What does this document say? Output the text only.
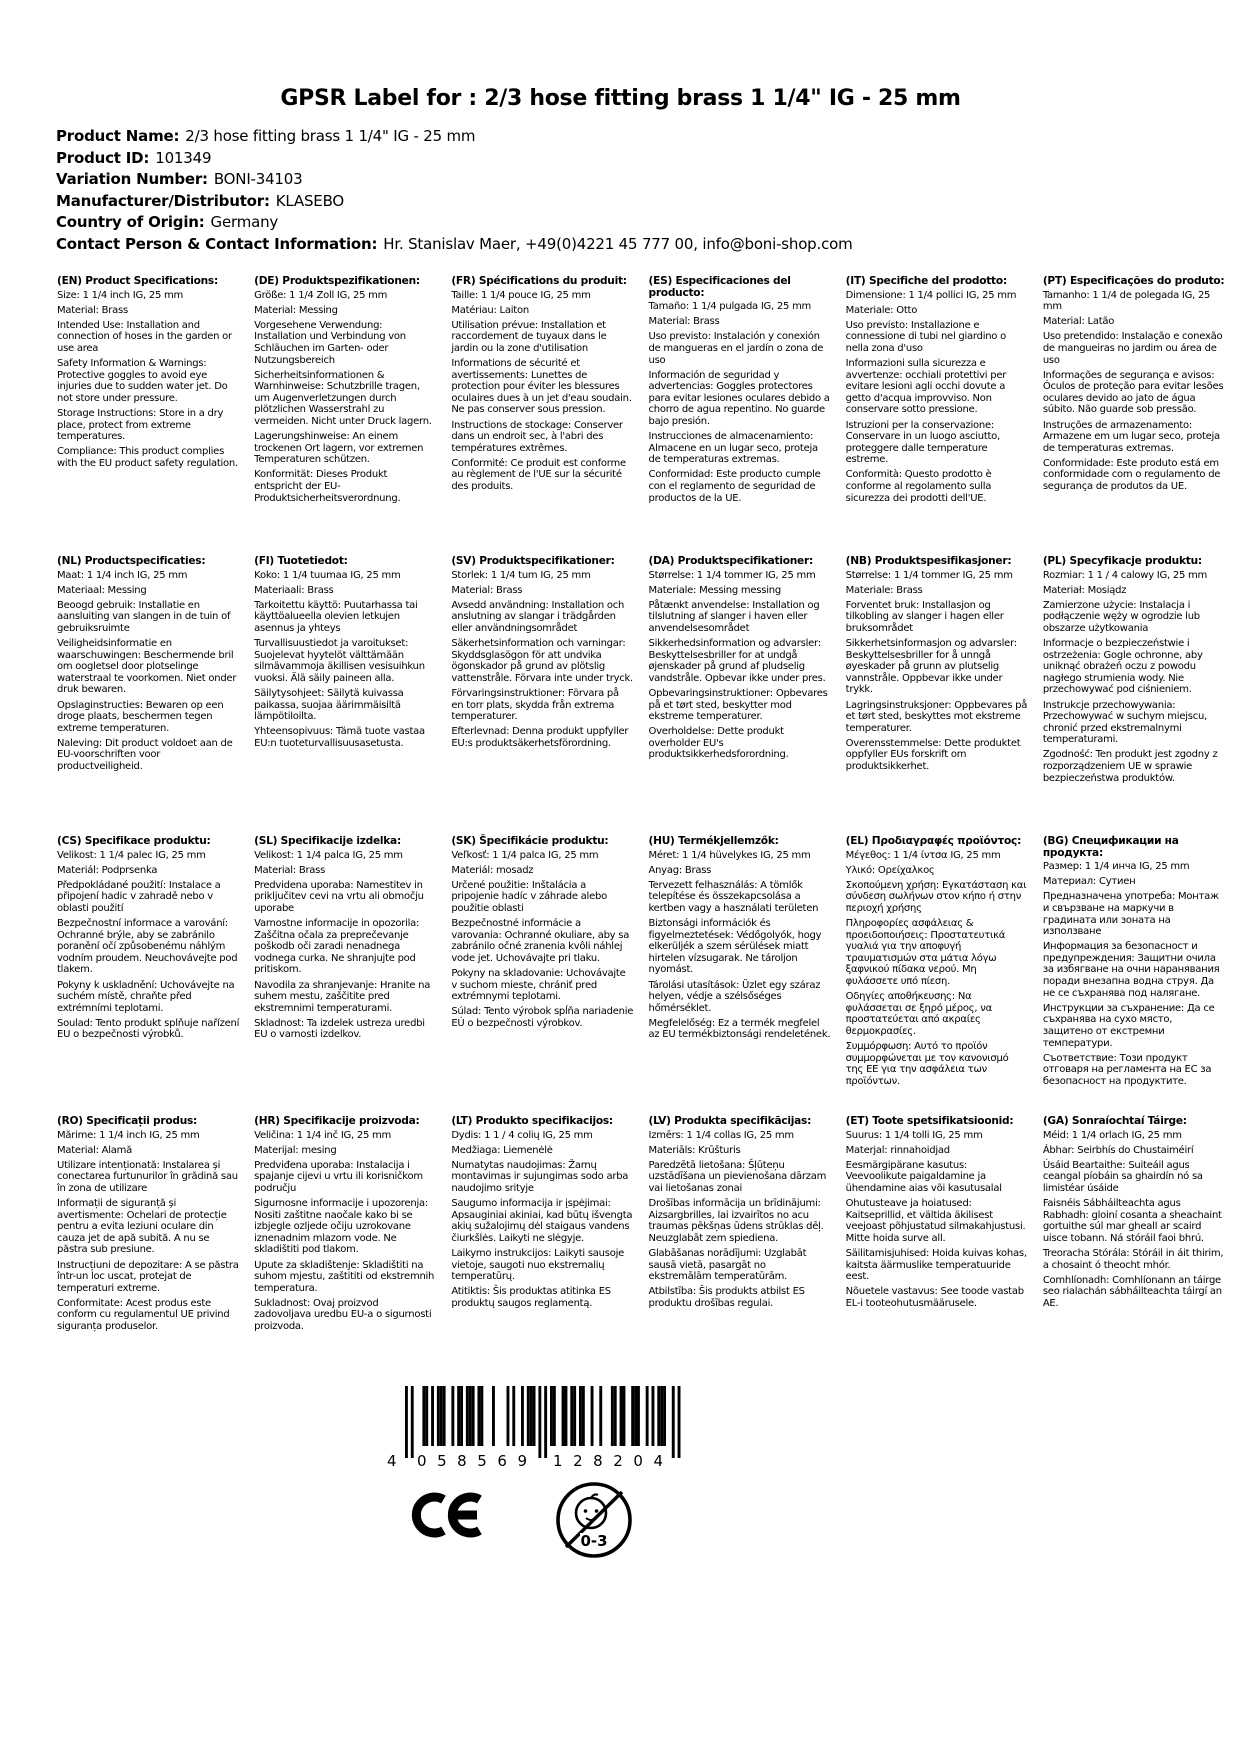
GPSR Label for : 2/3 hose fitting brass 1 1/4" IG - 25 mm
Product Name: 2/3 hose fitting brass 1 1/4" IG - 25 mm
Product ID: 101349
Variation Number: BONI-34103
Manufacturer/Distributor: KLASEBO
Country of Origin: Germany
Contact Person & Contact Information: Hr. Stanislav Maer, +49(0)4221 45 777 00, info@boni-shop.com
(EN) Product Specifications:

Size: 1 1/4 inch IG, 25 mm

Material: Brass

Intended Use: Installation and connection of hoses in the garden or use area

Safety Information & Warnings: Protective goggles to avoid eye injuries due to sudden water jet. Do not store under pressure.

Storage Instructions: Store in a dry place, protect from extreme temperatures.

Compliance: This product complies with the EU product safety regulation.

(DE) Produktspezifikationen:

Größe: 1 1/4 Zoll IG, 25 mm

Material: Messing

Vorgesehene Verwendung: Installation und Verbindung von Schläuchen im Garten- oder Nutzungsbereich

Sicherheitsinformationen & Warnhinweise: Schutzbrille tragen, um Augenverletzungen durch plötzlichen Wasserstrahl zu vermeiden. Nicht unter Druck lagern.

Lagerungshinweise: An einem trockenen Ort lagern, vor extremen Temperaturen schützen.

Konformität: Dieses Produkt entspricht der EU-Produktsicherheitsverordnung.

(FR) Spécifications du produit:

Taille: 1 1/4 pouce IG, 25 mm

Matériau: Laiton

Utilisation prévue: Installation et raccordement de tuyaux dans le jardin ou la zone d'utilisation

Informations de sécurité et avertissements: Lunettes de protection pour éviter les blessures oculaires dues à un jet d'eau soudain. Ne pas conserver sous pression.

Instructions de stockage: Conserver dans un endroit sec, à l'abri des températures extrêmes.

Conformité: Ce produit est conforme au règlement de l'UE sur la sécurité des produits.

(ES) Especificaciones del producto:

Tamaño: 1 1/4 pulgada IG, 25 mm

Material: Brass

Uso previsto: Instalación y conexión de mangueras en el jardín o zona de uso

Información de seguridad y advertencias: Goggles protectores para evitar lesiones oculares debido a chorro de agua repentino. No guarde bajo presión.

Instrucciones de almacenamiento: Almacene en un lugar seco, proteja de temperaturas extremas.

Conformidad: Este producto cumple con el reglamento de seguridad de productos de la UE.

(IT) Specifiche del prodotto:

Dimensione: 1 1/4 pollici IG, 25 mm

Materiale: Otto

Uso previsto: Installazione e connessione di tubi nel giardino o nella zona d'uso

Informazioni sulla sicurezza e avvertenze: occhiali protettivi per evitare lesioni agli occhi dovute a getto d'acqua improvviso. Non conservare sotto pressione.

Istruzioni per la conservazione: Conservare in un luogo asciutto, proteggere dalle temperature estreme.

Conformità: Questo prodotto è conforme al regolamento sulla sicurezza dei prodotti dell'UE.

(PT) Especificações do produto:

Tamanho: 1 1/4 de polegada IG, 25 mm

Material: Latão

Uso pretendido: Instalação e conexão de mangueiras no jardim ou área de uso

Informações de segurança e avisos: Óculos de proteção para evitar lesões oculares devido ao jato de água súbito. Não guarde sob pressão.

Instruções de armazenamento: Armazene em um lugar seco, proteja de temperaturas extremas.

Conformidade: Este produto está em conformidade com o regulamento de segurança de produtos da UE.

(NL) Productspecificaties:

Maat: 1 1/4 inch IG, 25 mm

Materiaal: Messing

Beoogd gebruik: Installatie en aansluiting van slangen in de tuin of gebruiksruimte

Veiligheidsinformatie en waarschuwingen: Beschermende bril om oogletsel door plotselinge waterstraal te voorkomen. Niet onder druk bewaren.

Opslaginstructies: Bewaren op een droge plaats, beschermen tegen extreme temperaturen.

Naleving: Dit product voldoet aan de EU-voorschriften voor productveiligheid.

(FI) Tuotetiedot:

Koko: 1 1/4 tuumaa IG, 25 mm

Materiaali: Brass

Tarkoitettu käyttö: Puutarhassa tai käyttöalueella olevien letkujen asennus ja yhteys

Turvallisuustiedot ja varoitukset: Suojelevat hyytelöt välttämään silmävammoja äkillisen vesisuihkun vuoksi. Älä säily paineen alla.

Säilytysohjeet: Säilytä kuivassa paikassa, suojaa äärimmäisiltä lämpötiloilta.

Yhteensopivuus: Tämä tuote vastaa EU:n tuoteturvallisuusasetusta.

(SV) Produktspecifikationer:

Storlek: 1 1/4 tum IG, 25 mm

Material: Brass

Avsedd användning: Installation och anslutning av slangar i trädgården eller användningsområdet

Säkerhetsinformation och varningar: Skyddsglasögon för att undvika ögonskador på grund av plötslig vattenstråle. Förvara inte under tryck.

Förvaringsinstruktioner: Förvara på en torr plats, skydda från extrema temperaturer.

Efterlevnad: Denna produkt uppfyller EU:s produktsäkerhetsförordning.

(DA) Produktspecifikationer:

Størrelse: 1 1/4 tommer IG, 25 mm

Materiale: Messing messing

Påtænkt anvendelse: Installation og tilslutning af slanger i haven eller anvendelsesområdet

Sikkerhedsinformation og advarsler: Beskyttelsesbriller for at undgå øjenskader på grund af pludselig vandstråle. Opbevar ikke under pres.

Opbevaringsinstruktioner: Opbevares på et tørt sted, beskytter mod ekstreme temperaturer.

Overholdelse: Dette produkt overholder EU's produktsikkerhedsforordning.

(NB) Produktspesifikasjoner:

Størrelse: 1 1/4 tommer IG, 25 mm

Materiale: Brass

Forventet bruk: Installasjon og tilkobling av slanger i hagen eller bruksområdet

Sikkerhetsinformasjon og advarsler: Beskyttelsesbriller for å unngå øyeskader på grunn av plutselig vannstråle. Oppbevar ikke under trykk.

Lagringsinstruksjoner: Oppbevares på et tørt sted, beskyttes mot ekstreme temperaturer.

Overensstemmelse: Dette produktet oppfyller EUs forskrift om produktsikkerhet.

(PL) Specyfikacje produktu:

Rozmiar: 1 1 / 4 calowy IG, 25 mm

Materiał: Mosiądz

Zamierzone użycie: Instalacja i podłączenie węży w ogrodzie lub obszarze użytkowania

Informacje o bezpieczeństwie i ostrzeżenia: Gogle ochronne, aby uniknąć obrażeń oczu z powodu nagłego strumienia wody. Nie przechowywać pod ciśnieniem.

Instrukcje przechowywania: Przechowywać w suchym miejscu, chronić przed ekstremalnymi temperaturami.

Zgodność: Ten produkt jest zgodny z rozporządzeniem UE w sprawie bezpieczeństwa produktów.

(CS) Specifikace produktu:

Velikost: 1 1/4 palec IG, 25 mm

Materiál: Podprsenka

Předpokládané použití: Instalace a připojení hadic v zahradě nebo v oblasti použití

Bezpečnostní informace a varování: Ochranné brýle, aby se zabránilo poranění očí způsobenému náhlým vodním proudem. Neuchovávejte pod tlakem.

Pokyny k uskladnění: Uchovávejte na suchém místě, chraňte před extrémními teplotami.

Soulad: Tento produkt splňuje nařízení EU o bezpečnosti výrobků.

(SL) Specifikacije izdelka:

Velikost: 1 1/4 palca IG, 25 mm

Material: Brass

Predvidena uporaba: Namestitev in priključitev cevi na vrtu ali območju uporabe

Varnostne informacije in opozorila: Zaščitna očala za preprečevanje poškodb oči zaradi nenadnega vodnega curka. Ne shranjujte pod pritiskom.

Navodila za shranjevanje: Hranite na suhem mestu, zaščitite pred ekstremnimi temperaturami.

Skladnost: Ta izdelek ustreza uredbi EU o varnosti izdelkov.

(SK) Špecifikácie produktu:

Veľkosť: 1 1/4 palca IG, 25 mm

Materiál: mosadz

Určené použitie: Inštalácia a pripojenie hadíc v záhrade alebo použitie oblasti

Bezpečnostné informácie a varovania: Ochranné okuliare, aby sa zabránilo očné zranenia kvôli náhlej vode jet. Uchovávajte pri tlaku.

Pokyny na skladovanie: Uchovávajte v suchom mieste, chrániť pred extrémnymi teplotami.

Súlad: Tento výrobok spĺňa nariadenie EÚ o bezpečnosti výrobkov.

(HU) Termékjellemzők:

Méret: 1 1/4 hüvelykes IG, 25 mm

Anyag: Brass

Tervezett felhasználás: A tömlők telepítése és összekapcsolása a kertben vagy a használati területen

Biztonsági információk és figyelmeztetések: Védőgolyók, hogy elkerüljék a szem sérülések miatt hirtelen vízsugarak. Ne tároljon nyomást.

Tárolási utasítások: Üzlet egy száraz helyen, védje a szélsőséges hőmérséklet.

Megfelelőség: Ez a termék megfelel az EU termékbiztonsági rendeletének.

(EL) Προδιαγραφές προϊόντος:

Μέγεθος: 1 1/4 ίντσα IG, 25 mm

Υλικό: Ορείχαλκος

Σκοπούμενη χρήση: Εγκατάσταση και σύνδεση σωλήνων στον κήπο ή στην περιοχή χρήσης

Πληροφορίες ασφάλειας & προειδοποιήσεις: Προστατευτικά γυαλιά για την αποφυγή τραυματισμών στα μάτια λόγω ξαφνικού πίδακα νερού. Μη φυλάσσετε υπό πίεση.

Οδηγίες αποθήκευσης: Να φυλάσσεται σε ξηρό μέρος, να προστατεύεται από ακραίες θερμοκρασίες.

Συμμόρφωση: Αυτό το προϊόν συμμορφώνεται με τον κανονισμό της ΕΕ για την ασφάλεια των προϊόντων.

(BG) Спецификации на продукта:

Размер: 1 1/4 инча IG, 25 mm

Материал: Сутиен

Предназначена употреба: Монтаж и свързване на маркучи в градината или зоната на използване

Информация за безопасност и предупреждения: Защитни очила за избягване на очни наранявания поради внезапна водна струя. Да не се съхранява под налягане.

Инструкции за съхранение: Да се съхранява на сухо място, защитено от екстремни температури.

Съответствие: Този продукт отговаря на регламента на ЕС за безопасност на продуктите.

(RO) Specificații produs:

Mărime: 1 1/4 inch IG, 25 mm

Material: Alamă

Utilizare intenționată: Instalarea și conectarea furtunurilor în grădină sau în zona de utilizare

Informații de siguranță și avertismente: Ochelari de protecție pentru a evita leziuni oculare din cauza jet de apă subită. A nu se păstra sub presiune.

Instrucțiuni de depozitare: A se păstra într-un loc uscat, protejat de temperaturi extreme.

Conformitate: Acest produs este conform cu regulamentul UE privind siguranța produselor.

(HR) Specifikacije proizvoda:

Veličina: 1 1/4 inč IG, 25 mm

Materijal: mesing

Predviđena uporaba: Instalacija i spajanje cijevi u vrtu ili korisničkom području

Sigurnosne informacije i upozorenja: Nositi zaštitne naočale kako bi se izbjegle ozljede očiju uzrokovane iznenadnim mlazom vode. Ne skladištiti pod tlakom.

Upute za skladištenje: Skladištiti na suhom mjestu, zaštititi od ekstremnih temperatura.

Sukladnost: Ovaj proizvod zadovoljava uredbu EU-a o sigurnosti proizvoda.

(LT) Produkto specifikacijos:

Dydis: 1 1 / 4 colių IG, 25 mm

Medžiaga: Liemenėlė

Numatytas naudojimas: Žarnų montavimas ir sujungimas sodo arba naudojimo srityje

Saugumo informacija ir įspėjimai: Apsauginiai akiniai, kad būtų išvengta akių sužalojimų dėl staigaus vandens čiurkšlės. Laikyti ne slėgyje.

Laikymo instrukcijos: Laikyti sausoje vietoje, saugoti nuo ekstremalių temperatūrų.

Atitiktis: Šis produktas atitinka ES produktų saugos reglamentą.

(LV) Produkta specifikācijas:

Izmērs: 1 1/4 collas IG, 25 mm

Materiāls: Krūšturis

Paredzētā lietošana: Šļūteņu uzstādīšana un pievienošana dārzam vai lietošanas zonai

Drošības informācija un brīdinājumi: Aizsargbrilles, lai izvairītos no acu traumas pēkšņas ūdens strūklas dēļ. Neuzglabāt zem spiediena.

Glabāšanas norādījumi: Uzglabāt sausā vietā, pasargāt no ekstremālām temperatūrām.

Atbilstība: Šis produkts atbilst ES produktu drošības regulai.

(ET) Toote spetsifikatsioonid:

Suurus: 1 1/4 tolli IG, 25 mm

Materjal: rinnahoidjad

Eesmärgipärane kasutus: Veevoolikute paigaldamine ja ühendamine aias või kasutusalal

Ohutusteave ja hoiatused: Kaitseprillid, et vältida äkilisest veejoast põhjustatud silmakahjustusi. Mitte hoida surve all.

Säilitamisjuhised: Hoida kuivas kohas, kaitsta äärmuslike temperatuuride eest.

Nõuetele vastavus: See toode vastab EL-i tooteohutusmäärusele.

(GA) Sonraíochtaí Táirge:

Méid: 1 1/4 orlach IG, 25 mm

Ábhar: Seirbhís do Chustaiméirí

Úsáid Beartaithe: Suiteáil agus ceangal píobáin sa ghairdín nó sa limistéar úsáide

Faisnéis Sábháilteachta agus Rabhadh: gloiní cosanta a sheachaint gortuithe súl mar gheall ar scaird uisce tobann. Ná stóráil faoi bhrú.

Treoracha Stórála: Stóráil in áit thirim, a chosaint ó theocht mhór.

Comhlíonadh: Comhlíonann an táirge seo rialachán sábháilteachta táirgí an AE.

4 058569 128204
0-3
